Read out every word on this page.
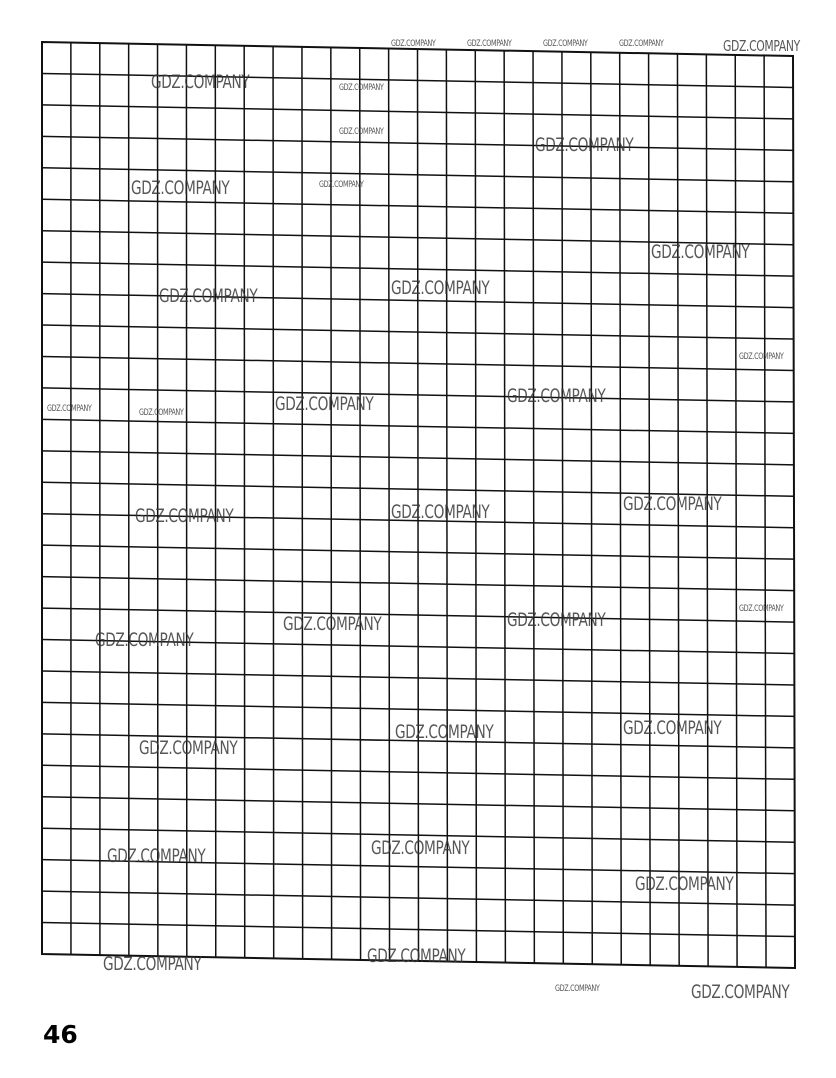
GDZ.COMPANY	GDZ.COMPANY	GDZ.COMPANY	GDZ.COMPANY	GDZ.COMPANY
GDZ.COMPANY	GDZ.COMPANY
GDZ.COMPANY
GDZ.COMPANY
GDZ.COMPANY
GDZ.COMPANY
GDZ.COMPANY
GDZ.COMPANY
GDZ.COMPANY
GDZ.COMPANY
GDZ.COMPANY
GDZ.COMPANY
GDZ.COMPANY	GDZ.COMPANY
GDZ.COMPANY
GDZ.COMPANY
GDZ.COMPANY
GDZ.COMPANY
GDZ.COMPANY
GDZ.COMPANY
GDZ.COMPANY
GDZ.COMPANY
GDZ.COMPANY
GDZ.COMPANY
GDZ.COMPANY
GDZ.COMPANY
GDZ.COMPANY
GDZ.COMPANY
GDZ.COMPANY
GDZ.COMPANY	GDZ.COMPANY
46
